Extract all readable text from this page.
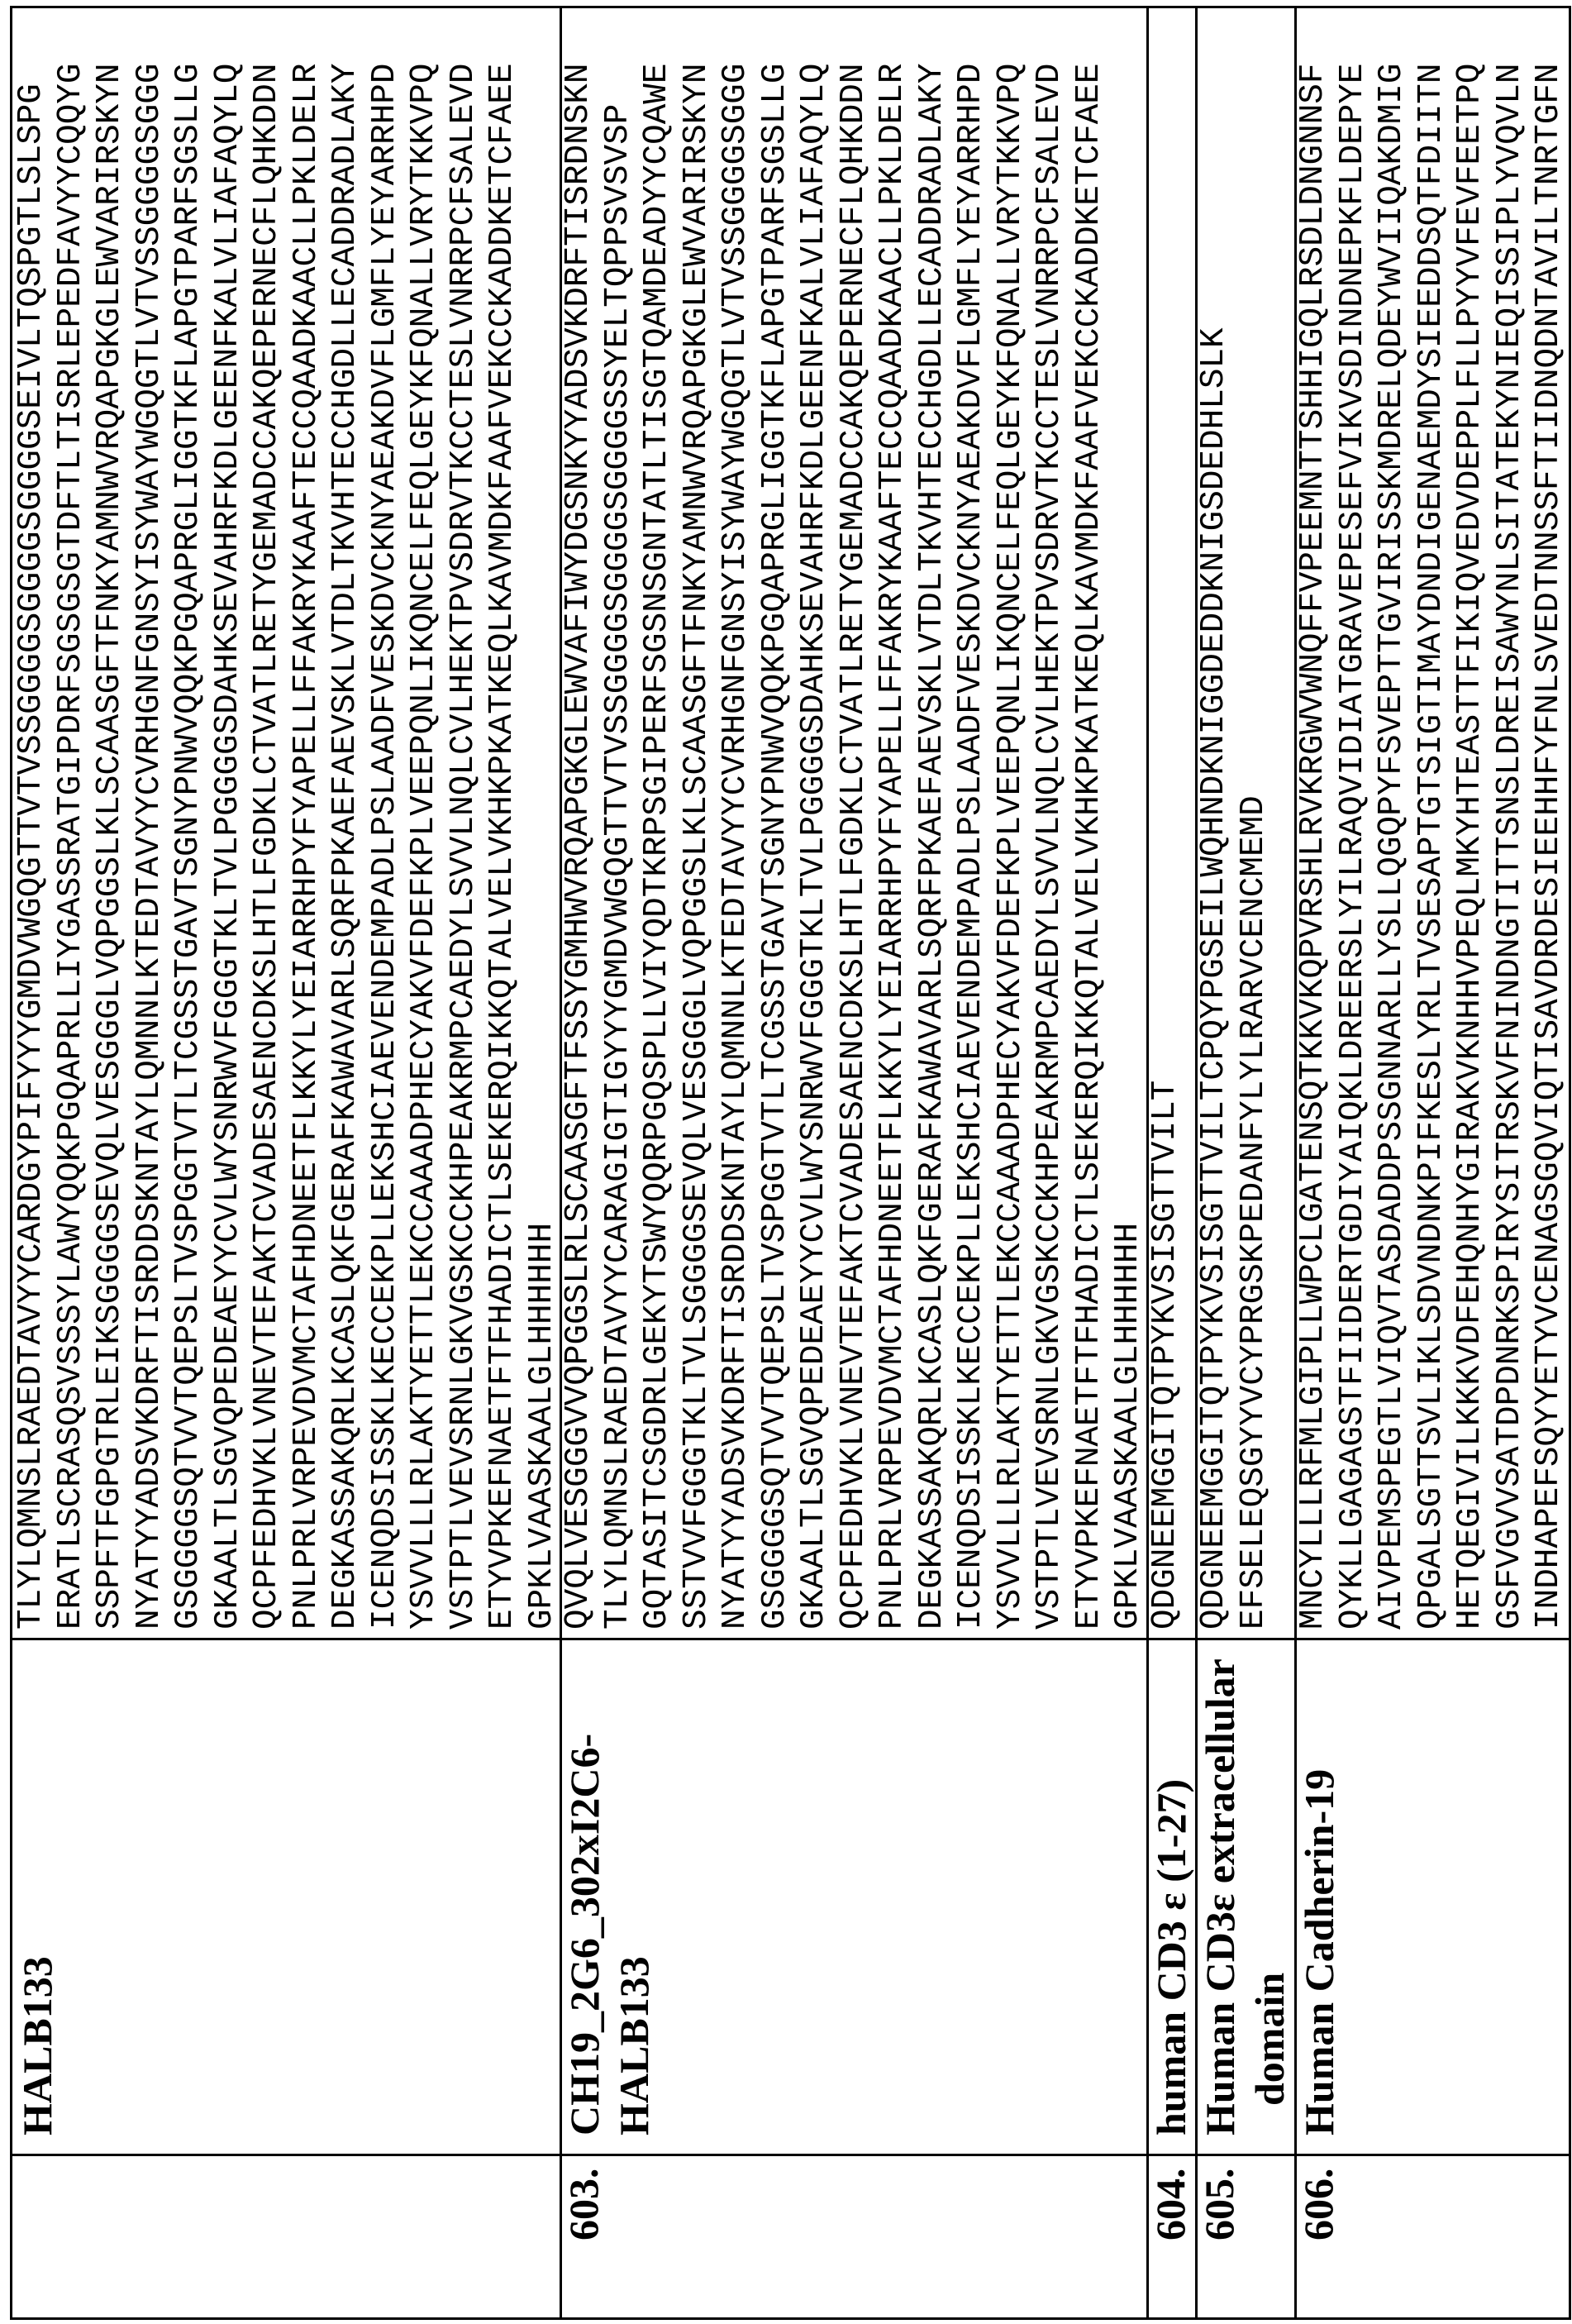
HALB133
TLYLQMNSLRAEDTAVYYCARDGYPIFYYYGMDVWGQGTTVTVSSGGGGSGGGGSGGGGSEIVLTQSPGTLSLSPG ERATLSCRASQSVSSSYLAWYQQKPGQAPRLLIYGASSRATGIPDRFSGSGSGTDFTLTISRLEPEDFAVYYCQQYG SSPFTFGPGTRLEIKSGGGGSEVQLVESGGGLVQPGGSLKLSCAASGFTFNKYAMNWVRQAPGKGLEWVARIRSKYN NYATYYADSVKDRFTISRDDSKNTAYLQMNNLKTEDTAVYYCVRHGNFGNSYISYWAYWGQGTLVTVSSGGGGSGGG GSGGGGSQTVVTQEPSLTVSPGGTVTLTCGSSTGAVTSGNYPNWVQQKPGQAPRGLIGGTKFLAPGTPARFSGSLLG GKAALTLSGVQPEDEAEYYCVLWYSNRWVFGGGTKLTVLPGGGGSDAHKSEVAHRFKDLGEENFKALVLIAFAQYLQ QCPFEDHVKLVNEVTEFAKTCVADESAENCDKSLHTLFGDKLCTVATLRETYGEMADCCAKQEPERNECFLQHKDDN PNLPRLVRPEVDVMCTAFHDNEETFLKKYLYEIARRHPYFYAPELLFFAKRYKAAFTECCQAADKAACLLPKLDELR DEGKASSAKQRLKCASLQKFGERAFKAWAVARLSQRFPKAEFAEVSKLVTDLTKVHTECCHGDLLECADDRADLAKY ICENQDSISSKLKECCEKPLLEKSHCIAEVENDEMPADLPSLAADFVESKDVCKNYAEAKDVFLGMFLYEYARRHPD YSVVLLLRLAKTYETTLEKCCAAADPHECYAKVFDEFKPLVEEPQNLIKQNCELFEQLGEYKFQNALLVRYTKKVPQ VSTPTLVEVSRNLGKVGSKCCKHPEAKRMPCAEDYLSVVLNQLCVLHEKTPVSDRVTKCCTESLVNRRPCFSALEVD ETYVPKEFNAETFTFHADICTLSEKERQIKKQTALVELVKHKPKATKEQLKAVMDKFAAFVEKCCKADDKETCFAEE GPKLVAASKAALGLHHHHHH
603.
CH19_2G6_302xI2C6- HALB133
QVQLVESGGGVVQPGGSLRLSCAASGFTFSSYGMHWVRQAPGKGLEWVAFIWYDGSNKYYADSVKDRFTISRDNSKN TLYLQMNSLRAEDTAVYYCARAGIGTIGYYYGMDVWGQGTTVTVSSGGGGSGGGGSGGGGSSYELTQPPSVSVSP GQTASITCSGDRLGEKYTSWYQQRPGQSPLLVIYQDTKRPSGIPERFSGSNSGNTATLTISGTQAMDEADYYCQAWE SSTVVFGGGTKLTVLSGGGGSEVQLVESGGGLVQPGGSLKLSCAASGFTFNKYAMNWVRQAPGKGLEWVARIRSKYN NYATYYADSVKDRFTISRDDSKNTAYLQMNNLKTEDTAVYYCVRHGNFGNSYISYWAYWGQGTLVTVSSGGGGSGGG GSGGGGSQTVVTQEPSLTVSPGGTVTLTCGSSTGAVTSGNYPNWVQQKPGQAPRGLIGGTKFLAPGTPARFSGSLLG GKAALTLSGVQPEDEAEYYCVLWYSNRWVFGGGTKLTVLPGGGGSDAHKSEVAHRFKDLGEENFKALVLIAFAQYLQ QCPFEDHVKLVNEVTEFAKTCVADESAENCDKSLHTLFGDKLCTVATLRETYGEMADCCAKQEPERNECFLQHKDDN PNLPRLVRPEVDVMCTAFHDNEETFLKKYLYEIARRHPYFYAPELLFFAKRYKAAFTECCQAADKAACLLPKLDELR DEGKASSAKQRLKCASLQKFGERAFKAWAVARLSQRFPKAEFAEVSKLVTDLTKVHTECCHGDLLECADDRADLAKY ICENQDSISSKLKECCEKPLLEKSHCIAEVENDEMPADLPSLAADFVESKDVCKNYAEAKDVFLGMFLYEYARRHPD YSVVLLLRLAKTYETTLEKCCAAADPHECYAKVFDEFKPLVEEPQNLIKQNCELFEQLGEYKFQNALLVRYTKKVPQ VSTPTLVEVSRNLGKVGSKCCKHPEAKRMPCAEDYLSVVLNQLCVLHEKTPVSDRVTKCCTESLVNRRPCFSALEVD ETYVPKEFNAETFTFHADICTLSEKERQIKKQTALVELVKHKPKATKEQLKAVMDKFAAFVEKCCKADDKETCFAEE GPKLVAASKAALGLHHHHHH
604.
human CD3 ε (1-27)
QDGNEEMGGITQTPYKVSISGTTVILT
605.
Human CD3ε extracellular domain
QDGNEEMGGITQTPYKVSISGTTVILTCPQYPGSEILWQHNDKNIGGDEDDKNIGSDEDHLSLK EFSELEQSGYYVCYPRGSKPEDANFYLYLRARVCENCMEMD
606.
Human Cadherin-19
MNCYLLLRFMLGIPLLWPCLGATENSQTKKVKQPVRSHLRVKRGWVWNQFFVPEEMNTTSHHIGQLRSDLDNGNNSF QYKLLGAGAGSTFIIDERTGDIYAIQKLDREERSLYILRAQVIDIATGRAVEPESEFVIKVSDINDNEPKFLDEPYE AIVPEMSPEGTLVIQVTASDADDPSSGNNARLLYSLLQGQPYFSVEPTTGVIRISSKMDRELQDEYWVIIQAKDMIG QPGALSGTTSVLIKLSDVNDNKPIFKESLYRLTVSESAPTGTSIGTIMAYDNDIGENAEMDYSIEEDDSQTFDIITN HETQEGIVILKKKVDFEHQNHYGIRAKVKNHHVPEQLMKYHTEASTTFIKIQVEDVDEPPLFLLPYYVFEVFEETPQ GSFVGVVSATDPDNRKSPIRYSITRSKVFNINDNGTITTSNSLDREISAWYNLSITATEKYNIEQISSIPLYVQVLN INDHAPEFSQYYETYVCENAGSGQVIQTISAVDRDESIEEHHFYFNLSVEDTNNSSFTIIDNQDNTAVILTNRTGFN
